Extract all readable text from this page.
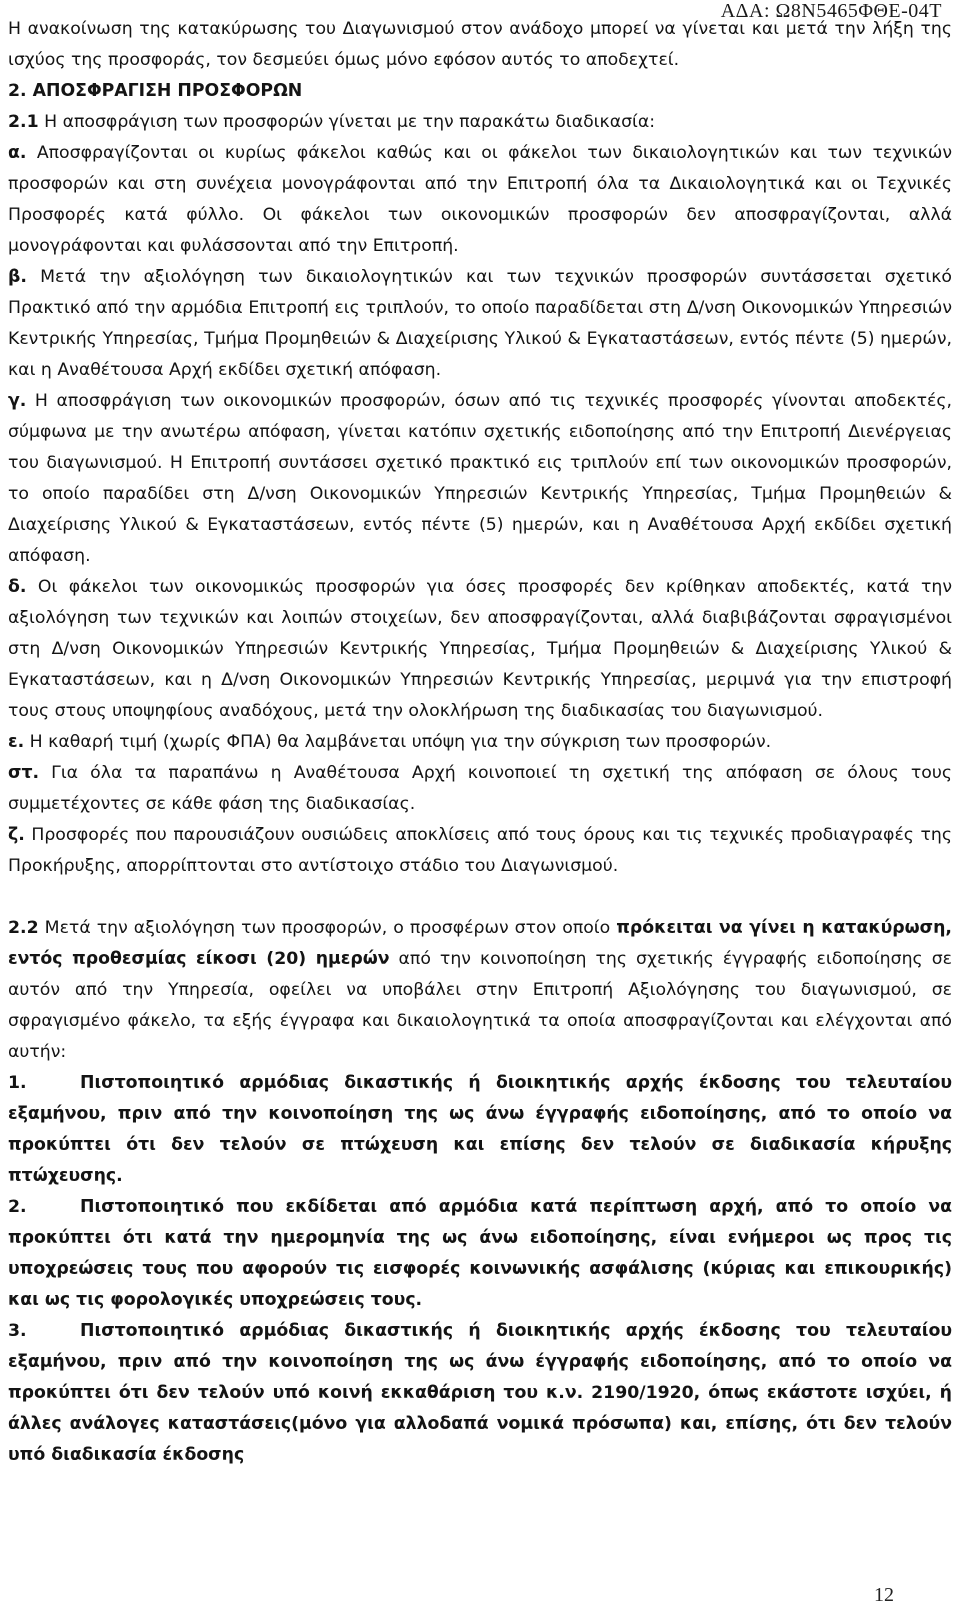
ΑΔΑ: Ω8Ν5465ΦΘΕ-04Τ

Η ανακοίνωση της κατακύρωσης του Διαγωνισμού στον ανάδοχο μπορεί να γίνεται και μετά την λήξη της ισχύος της προσφοράς, τον δεσμεύει όμως μόνο εφόσον αυτός το αποδεχτεί.

2. ΑΠΟΣΦΡΑΓΙΣΗ ΠΡΟΣΦΟΡΩΝ

2.1 Η αποσφράγιση των προσφορών γίνεται με την παρακάτω διαδικασία:

α. Αποσφραγίζονται οι κυρίως φάκελοι καθώς και οι φάκελοι των δικαιολογητικών και των τεχνικών προσφορών και στη συνέχεια μονογράφονται από την Επιτροπή όλα τα Δικαιολογητικά και οι Τεχνικές Προσφορές κατά φύλλο. Οι φάκελοι των οικονομικών προσφορών δεν αποσφραγίζονται, αλλά μονογράφονται και φυλάσσονται από την Επιτροπή.

β. Μετά την αξιολόγηση των δικαιολογητικών και των τεχνικών προσφορών συντάσσεται σχετικό Πρακτικό από την αρμόδια Επιτροπή εις τριπλούν, το οποίο παραδίδεται στη Δ/νση Οικονομικών Υπηρεσιών Κεντρικής Υπηρεσίας, Τμήμα Προμηθειών & Διαχείρισης Υλικού & Εγκαταστάσεων, εντός πέντε (5) ημερών, και η Αναθέτουσα Αρχή εκδίδει σχετική απόφαση.

γ. Η αποσφράγιση των οικονομικών προσφορών, όσων από τις τεχνικές προσφορές γίνονται αποδεκτές, σύμφωνα με την ανωτέρω απόφαση, γίνεται κατόπιν σχετικής ειδοποίησης από την Επιτροπή Διενέργειας του διαγωνισμού. Η Επιτροπή συντάσσει σχετικό πρακτικό εις τριπλούν επί των οικονομικών προσφορών, το οποίο παραδίδει στη Δ/νση Οικονομικών Υπηρεσιών Κεντρικής Υπηρεσίας, Τμήμα Προμηθειών & Διαχείρισης Υλικού & Εγκαταστάσεων, εντός πέντε (5) ημερών, και η Αναθέτουσα Αρχή εκδίδει σχετική απόφαση.

δ. Οι φάκελοι των οικονομικώς προσφορών για όσες προσφορές δεν κρίθηκαν αποδεκτές, κατά την αξιολόγηση των τεχνικών και λοιπών στοιχείων, δεν αποσφραγίζονται, αλλά διαβιβάζονται σφραγισμένοι στη Δ/νση Οικονομικών Υπηρεσιών Κεντρικής Υπηρεσίας, Τμήμα Προμηθειών & Διαχείρισης Υλικού & Εγκαταστάσεων, και η Δ/νση Οικονομικών Υπηρεσιών Κεντρικής Υπηρεσίας, μεριμνά για την επιστροφή τους στους υποψηφίους αναδόχους, μετά την ολοκλήρωση της διαδικασίας του διαγωνισμού.

ε. Η καθαρή τιμή (χωρίς ΦΠΑ) θα λαμβάνεται υπόψη για την σύγκριση των προσφορών.

στ. Για όλα τα παραπάνω η Αναθέτουσα Αρχή κοινοποιεί τη σχετική της απόφαση σε όλους τους συμμετέχοντες σε κάθε φάση της διαδικασίας.

ζ. Προσφορές που παρουσιάζουν ουσιώδεις αποκλίσεις από τους όρους και τις τεχνικές προδιαγραφές της Προκήρυξης, απορρίπτονται στο αντίστοιχο στάδιο του Διαγωνισμού.

2.2 Μετά την αξιολόγηση των προσφορών, ο προσφέρων στον οποίο πρόκειται να γίνει η κατακύρωση, εντός προθεσμίας είκοσι (20) ημερών από την κοινοποίηση της σχετικής έγγραφής ειδοποίησης σε αυτόν από την Υπηρεσία, οφείλει να υποβάλει στην Επιτροπή Αξιολόγησης του διαγωνισμού, σε σφραγισμένο φάκελο, τα εξής έγγραφα και δικαιολογητικά τα οποία αποσφραγίζονται και ελέγχονται από αυτήν:

1.	Πιστοποιητικό αρμόδιας δικαστικής ή διοικητικής αρχής έκδοσης του τελευταίου εξαμήνου, πριν από την κοινοποίηση της ως άνω έγγραφής ειδοποίησης, από το οποίο να προκύπτει ότι δεν τελούν σε πτώχευση και επίσης δεν τελούν σε διαδικασία κήρυξης πτώχευσης.

2.	Πιστοποιητικό που εκδίδεται από αρμόδια κατά περίπτωση αρχή, από το οποίο να προκύπτει ότι κατά την ημερομηνία της ως άνω ειδοποίησης, είναι ενήμεροι ως προς τις υποχρεώσεις τους που αφορούν τις εισφορές κοινωνικής ασφάλισης (κύριας και επικουρικής) και ως τις φορολογικές υποχρεώσεις τους.

3.	Πιστοποιητικό αρμόδιας δικαστικής ή διοικητικής αρχής έκδοσης του τελευταίου εξαμήνου, πριν από την κοινοποίηση της ως άνω έγγραφής ειδοποίησης, από το οποίο να προκύπτει ότι δεν τελούν υπό κοινή εκκαθάριση του κ.ν. 2190/1920, όπως εκάστοτε ισχύει, ή άλλες ανάλογες καταστάσεις(μόνο για αλλοδαπά νομικά πρόσωπα) και, επίσης, ότι δεν τελούν υπό διαδικασία έκδοσης

12
